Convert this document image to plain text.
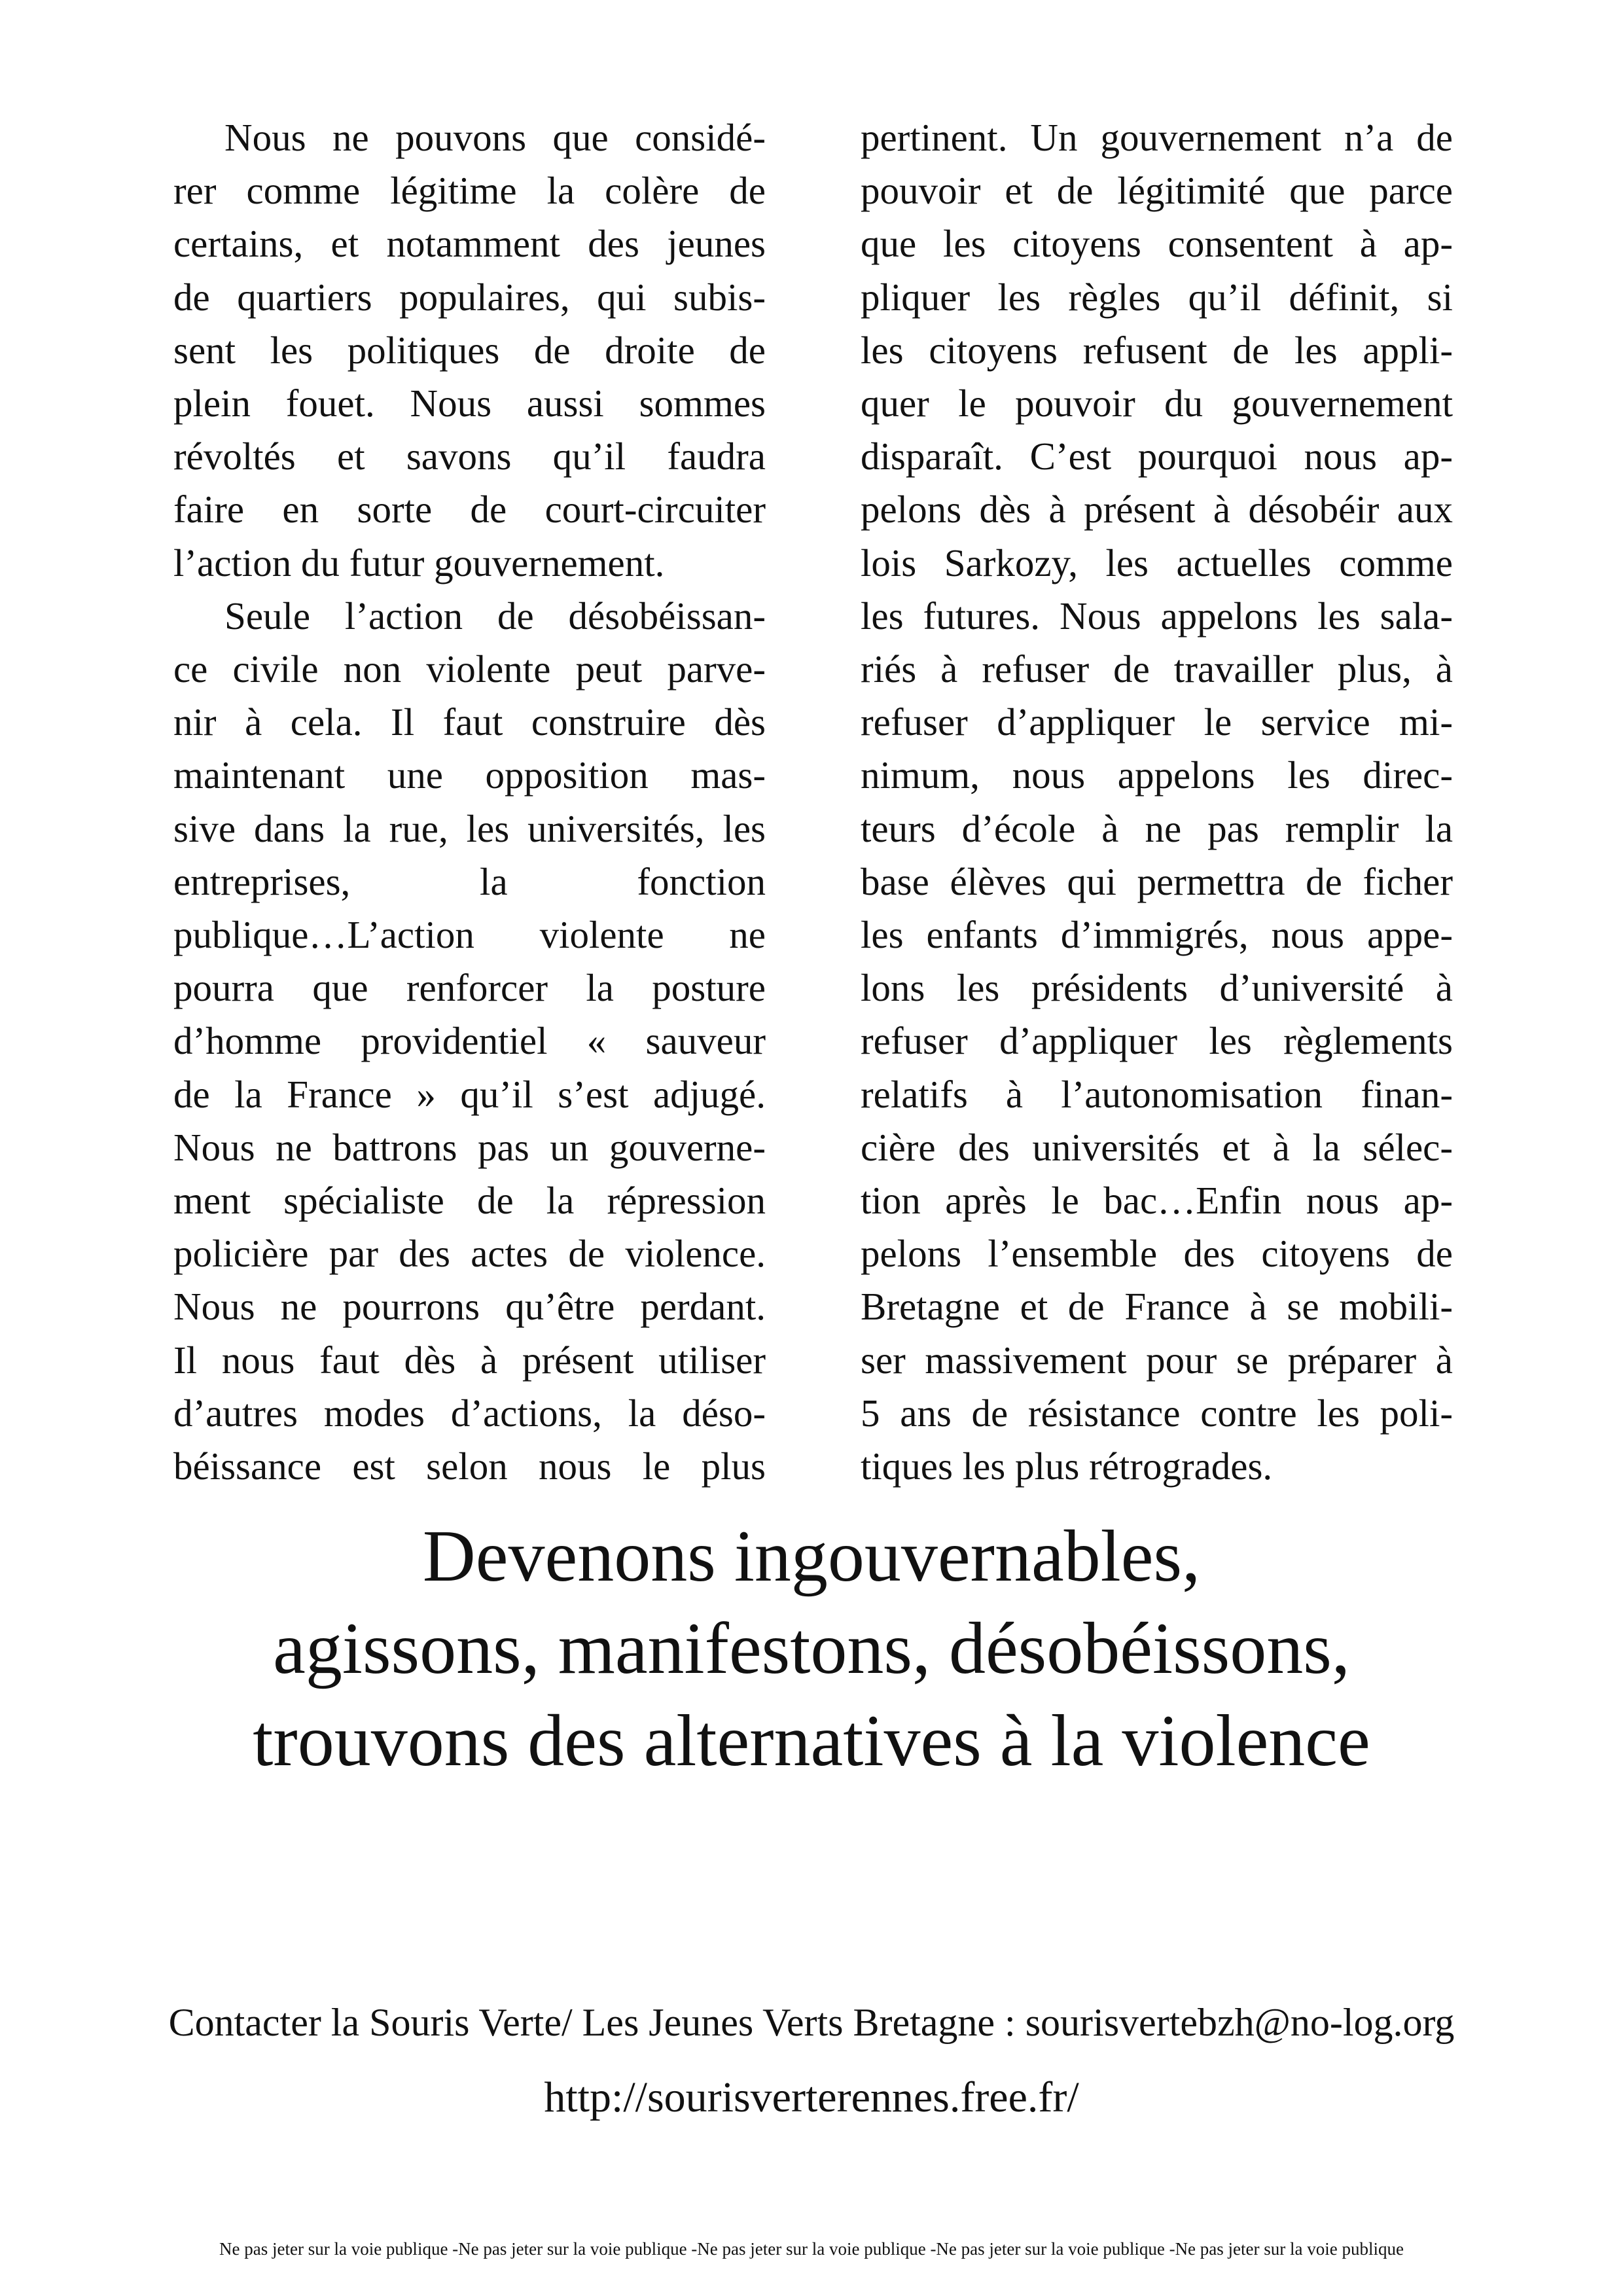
Nous ne pouvons que considé-
rer comme légitime la colère de
certains, et notamment des jeunes
de quartiers populaires, qui subis-
sent les politiques de droite de
plein fouet. Nous aussi sommes
révoltés et savons qu’il faudra
faire en sorte de court-circuiter
l’action du futur gouvernement.

Seule l’action de désobéissan-
ce civile non violente peut parve-
nir à cela. Il faut construire dès
maintenant une opposition mas-
sive dans la rue, les universités, les
entreprises, la fonction
publique…L’action violente ne
pourra que renforcer la posture
d’homme providentiel « sauveur
de la France » qu’il s’est adjugé.
Nous ne battrons pas un gouverne-
ment spécialiste de la répression
policière par des actes de violence.
Nous ne pourrons qu’être perdant.
Il nous faut dès à présent utiliser
d’autres modes d’actions, la déso-
béissance est selon nous le plus

pertinent. Un gouvernement n’a de
pouvoir et de légitimité que parce
que les citoyens consentent à ap-
pliquer les règles qu’il définit, si
les citoyens refusent de les appli-
quer le pouvoir du gouvernement
disparaît. C’est pourquoi nous ap-
pelons dès à présent à désobéir aux
lois Sarkozy, les actuelles comme
les futures. Nous appelons les sala-
riés à refuser de travailler plus, à
refuser d’appliquer le service mi-
nimum, nous appelons les direc-
teurs d’école à ne pas remplir la
base élèves qui permettra de ficher
les enfants d’immigrés, nous appe-
lons les présidents d’université à
refuser d’appliquer les règlements
relatifs à l’autonomisation finan-
cière des universités et à la sélec-
tion après le bac…Enfin nous ap-
pelons l’ensemble des citoyens de
Bretagne et de France à se mobili-
ser massivement pour se préparer à
5 ans de résistance contre les poli-
tiques les plus rétrogrades.

Devenons ingouvernables,
agissons, manifestons, désobéissons,
trouvons des alternatives à la violence
Contacter la Souris Verte/ Les Jeunes Verts Bretagne : sourisvertebzh@no-log.org
http://sourisverterennes.free.fr/
Ne pas jeter sur la voie publique -Ne pas jeter sur la voie publique -Ne pas jeter sur la voie publique -Ne pas jeter sur la voie publique -Ne pas jeter sur la voie publique
